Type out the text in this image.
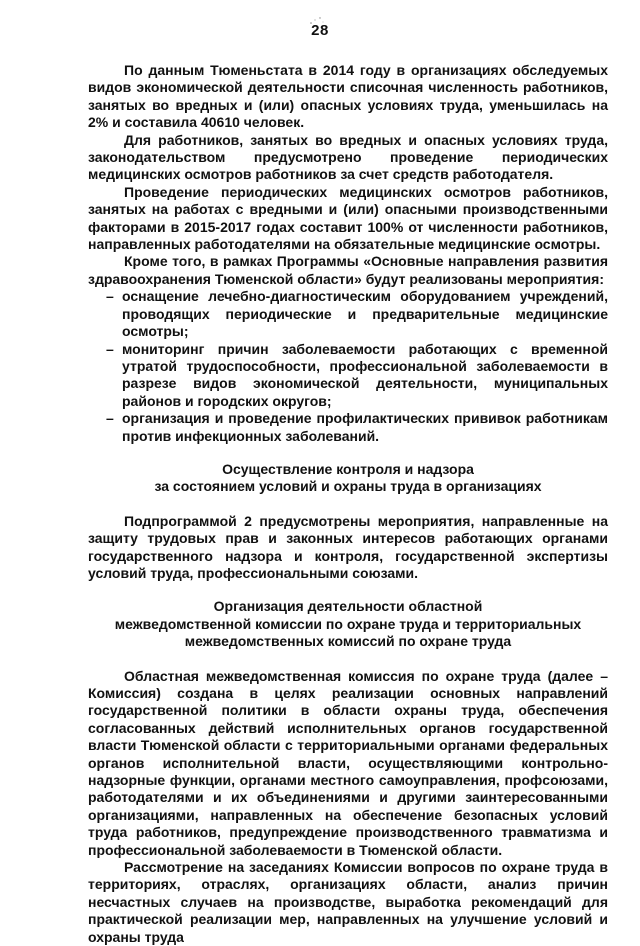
28

По данным Тюменьстата в 2014 году в организациях обследуемых видов экономической деятельности списочная численность работников, занятых во вредных и (или) опасных условиях труда, уменьшилась на 2% и составила 40610 человек.

Для работников, занятых во вредных и опасных условиях труда, законодательством предусмотрено проведение периодических медицинских осмотров работников за счет средств работодателя.

Проведение периодических медицинских осмотров работников, занятых на работах с вредными и (или) опасными производственными факторами в 2015-2017 годах составит 100% от численности работников, направленных работодателями на обязательные медицинские осмотры.

Кроме того, в рамках Программы «Основные направления развития здравоохранения Тюменской области» будут реализованы мероприятия:

– оснащение лечебно-диагностическим оборудованием учреждений, проводящих периодические и предварительные медицинские осмотры;
– мониторинг причин заболеваемости работающих с временной утратой трудоспособности, профессиональной заболеваемости в разрезе видов экономической деятельности, муниципальных районов и городских округов;
– организация и проведение профилактических прививок работникам против инфекционных заболеваний.
Осуществление контроля и надзора
за состоянием условий и охраны труда в организациях

Подпрограммой 2 предусмотрены мероприятия, направленные на защиту трудовых прав и законных интересов работающих органами государственного надзора и контроля, государственной экспертизы условий труда, профессиональными союзами.

Организация деятельности областной
межведомственной комиссии по охране труда и территориальных
межведомственных комиссий по охране труда

Областная межведомственная комиссия по охране труда (далее – Комиссия) создана в целях реализации основных направлений государственной политики в области охраны труда, обеспечения согласованных действий исполнительных органов государственной власти Тюменской области с территориальными органами федеральных органов исполнительной власти, осуществляющими контрольно-надзорные функции, органами местного самоуправления, профсоюзами, работодателями и их объединениями и другими заинтересованными организациями, направленных на обеспечение безопасных условий труда работников, предупреждение производственного травматизма и профессиональной заболеваемости в Тюменской области.

Рассмотрение на заседаниях Комиссии вопросов по охране труда в территориях, отраслях, организациях области, анализ причин несчастных случаев на производстве, выработка рекомендаций для практической реализации мер, направленных на улучшение условий и охраны труда
